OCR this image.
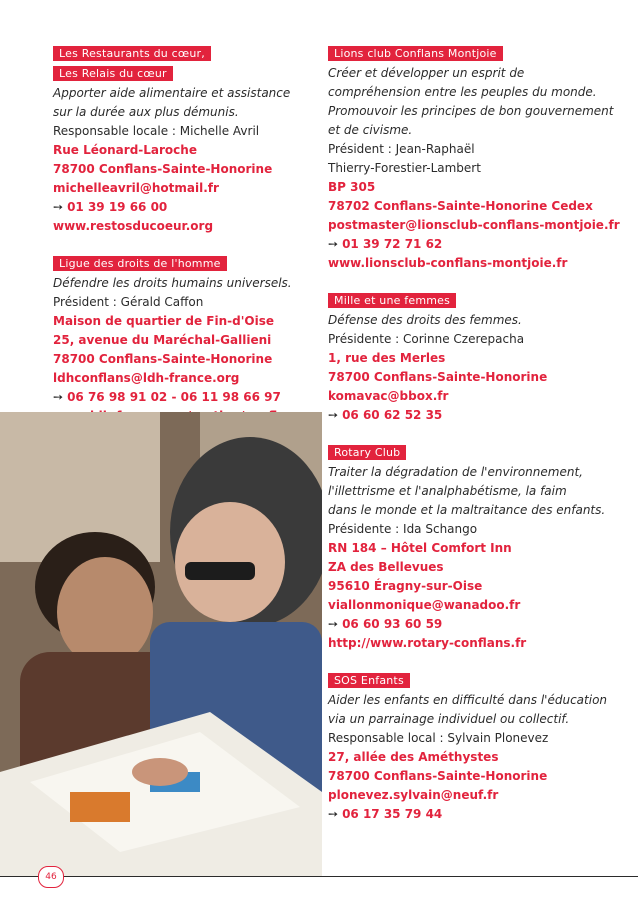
Les Restaurants du cœur,
Les Relais du cœur
Apporter aide alimentaire et assistance
sur la durée aux plus démunis.
Responsable locale : Michelle Avril
Rue Léonard-Laroche
78700 Conflans-Sainte-Honorine
michelleavril@hotmail.fr
➙ 01 39 19 66 00
www.restosducoeur.org
Ligue des droits de l'homme
Défendre les droits humains universels.
Président : Gérald Caffon
Maison de quartier de Fin-d'Oise
25, avenue du Maréchal-Gallieni
78700 Conflans-Sainte-Honorine
ldhconflans@ldh-france.org
➙ 06 76 98 91 02 - 06 11 98 66 97
Lions club Conflans Montjoie
Créer et développer un esprit de
compréhension entre les peuples du monde.
Promouvoir les principes de bon gouvernement
et de civisme.
Président : Jean-Raphaël
Thierry-Forestier-Lambert
BP 305
78702 Conflans-Sainte-Honorine Cedex
postmaster@lionsclub-conflans-montjoie.fr
➙ 01 39 72 71 62
www.lionsclub-conflans-montjoie.fr
Mille et une femmes
Défense des droits des femmes.
Présidente : Corinne Czerepacha
1, rue des Merles
78700 Conflans-Sainte-Honorine
komavac@bbox.fr
➙ 06 60 62 52 35
Rotary Club
Traiter la dégradation de l'environnement,
l'illettrisme et l'analphabétisme, la faim
dans le monde et la maltraitance des enfants.
Présidente : Ida Schango
RN 184 – Hôtel Comfort Inn
ZA des Bellevues
95610 Éragny-sur-Oise
viallonmonique@wanadoo.fr
➙ 06 60 93 60 59
http://www.rotary-conflans.fr
SOS Enfants
Aider les enfants en difficulté dans l'éducation
via un parrainage individuel ou collectif.
Responsable local : Sylvain Plonevez
27, allée des Améthystes
78700 Conflans-Sainte-Honorine
plonevez.sylvain@neuf.fr
➙ 06 17 35 79 44
46
